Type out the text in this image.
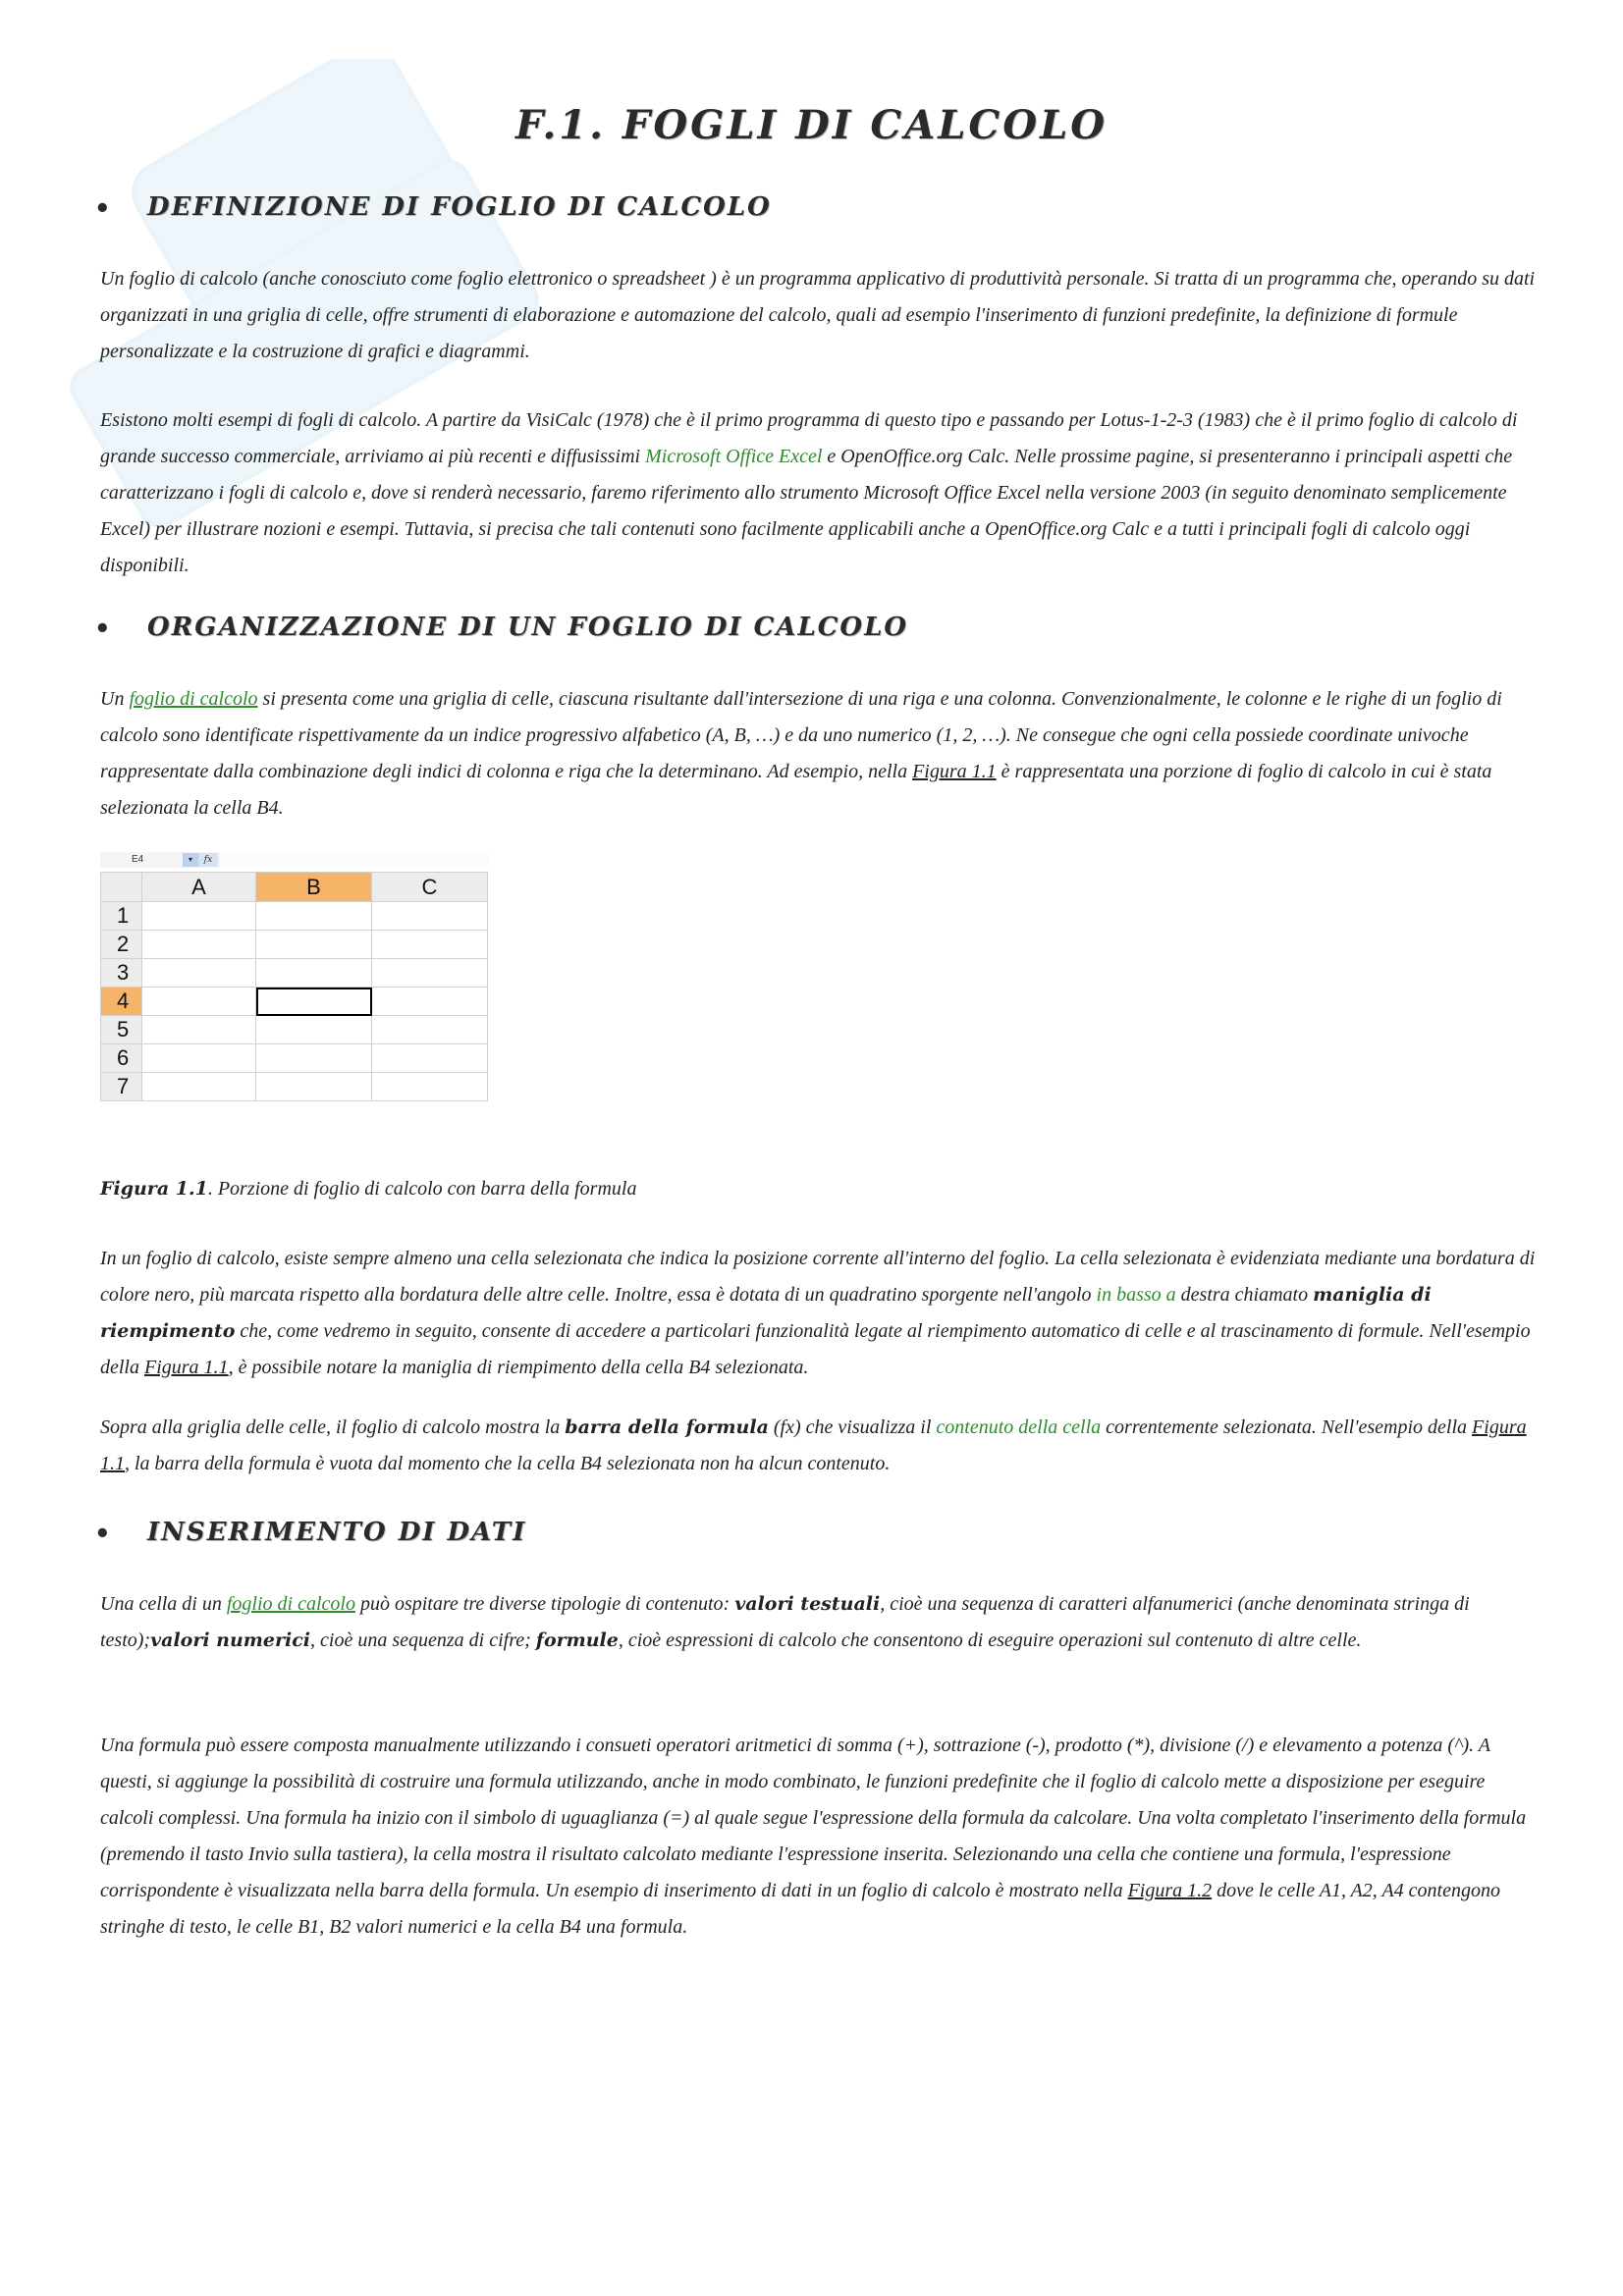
F.1. FOGLI DI CALCOLO
• DEFINIZIONE DI FOGLIO DI CALCOLO

Un foglio di calcolo (anche conosciuto come foglio elettronico o spreadsheet ) è un programma applicativo di produttività personale. Si tratta di un programma che, operando su dati organizzati in una griglia di celle, offre strumenti di elaborazione e automazione del calcolo, quali ad esempio l'inserimento di funzioni predefinite, la definizione di formule personalizzate e la costruzione di grafici e diagrammi.

Esistono molti esempi di fogli di calcolo. A partire da VisiCalc (1978) che è il primo programma di questo tipo e passando per Lotus-1-2-3 (1983) che è il primo foglio di calcolo di grande successo commerciale, arriviamo ai più recenti e diffusissimi Microsoft Office Excel e OpenOffice.org Calc. Nelle prossime pagine, si presenteranno i principali aspetti che caratterizzano i fogli di calcolo e, dove si renderà necessario, faremo riferimento allo strumento Microsoft Office Excel nella versione 2003 (in seguito denominato semplicemente Excel) per illustrare nozioni e esempi. Tuttavia, si precisa che tali contenuti sono facilmente applicabili anche a OpenOffice.org Calc e a tutti i principali fogli di calcolo oggi disponibili.

• ORGANIZZAZIONE DI UN FOGLIO DI CALCOLO

Un foglio di calcolo si presenta come una griglia di celle, ciascuna risultante dall'intersezione di una riga e una colonna. Convenzionalmente, le colonne e le righe di un foglio di calcolo sono identificate rispettivamente da un indice progressivo alfabetico (A, B, …) e da uno numerico (1, 2, …). Ne consegue che ogni cella possiede coordinate univoche rappresentate dalla combinazione degli indici di colonna e riga che la determinano. Ad esempio, nella Figura 1.1 è rappresentata una porzione di foglio di calcolo in cui è stata selezionata la cella B4.

E4	▾	fx
	A	B	C
1			
2			
3			
4			
5			
6			
7			

Figura 1.1. Porzione di foglio di calcolo con barra della formula

In un foglio di calcolo, esiste sempre almeno una cella selezionata che indica la posizione corrente all'interno del foglio. La cella selezionata è evidenziata mediante una bordatura di colore nero, più marcata rispetto alla bordatura delle altre celle. Inoltre, essa è dotata di un quadratino sporgente nell'angolo in basso a destra chiamato maniglia di riempimento che, come vedremo in seguito, consente di accedere a particolari funzionalità legate al riempimento automatico di celle e al trascinamento di formule. Nell'esempio della Figura 1.1, è possibile notare la maniglia di riempimento della cella B4 selezionata.

Sopra alla griglia delle celle, il foglio di calcolo mostra la barra della formula (fx) che visualizza il contenuto della cella correntemente selezionata. Nell'esempio della Figura 1.1, la barra della formula è vuota dal momento che la cella B4 selezionata non ha alcun contenuto.

• INSERIMENTO DI DATI

Una cella di un foglio di calcolo può ospitare tre diverse tipologie di contenuto: valori testuali, cioè una sequenza di caratteri alfanumerici (anche denominata stringa di testo);valori numerici, cioè una sequenza di cifre; formule, cioè espressioni di calcolo che consentono di eseguire operazioni sul contenuto di altre celle.

Una formula può essere composta manualmente utilizzando i consueti operatori aritmetici di somma (+), sottrazione (-), prodotto (*), divisione (/) e elevamento a potenza (^). A questi, si aggiunge la possibilità di costruire una formula utilizzando, anche in modo combinato, le funzioni predefinite che il foglio di calcolo mette a disposizione per eseguire calcoli complessi. Una formula ha inizio con il simbolo di uguaglianza (=) al quale segue l'espressione della formula da calcolare. Una volta completato l'inserimento della formula (premendo il tasto Invio sulla tastiera), la cella mostra il risultato calcolato mediante l'espressione inserita. Selezionando una cella che contiene una formula, l'espressione corrispondente è visualizzata nella barra della formula. Un esempio di inserimento di dati in un foglio di calcolo è mostrato nella Figura 1.2 dove le celle A1, A2, A4 contengono stringhe di testo, le celle B1, B2 valori numerici e la cella B4 una formula.
